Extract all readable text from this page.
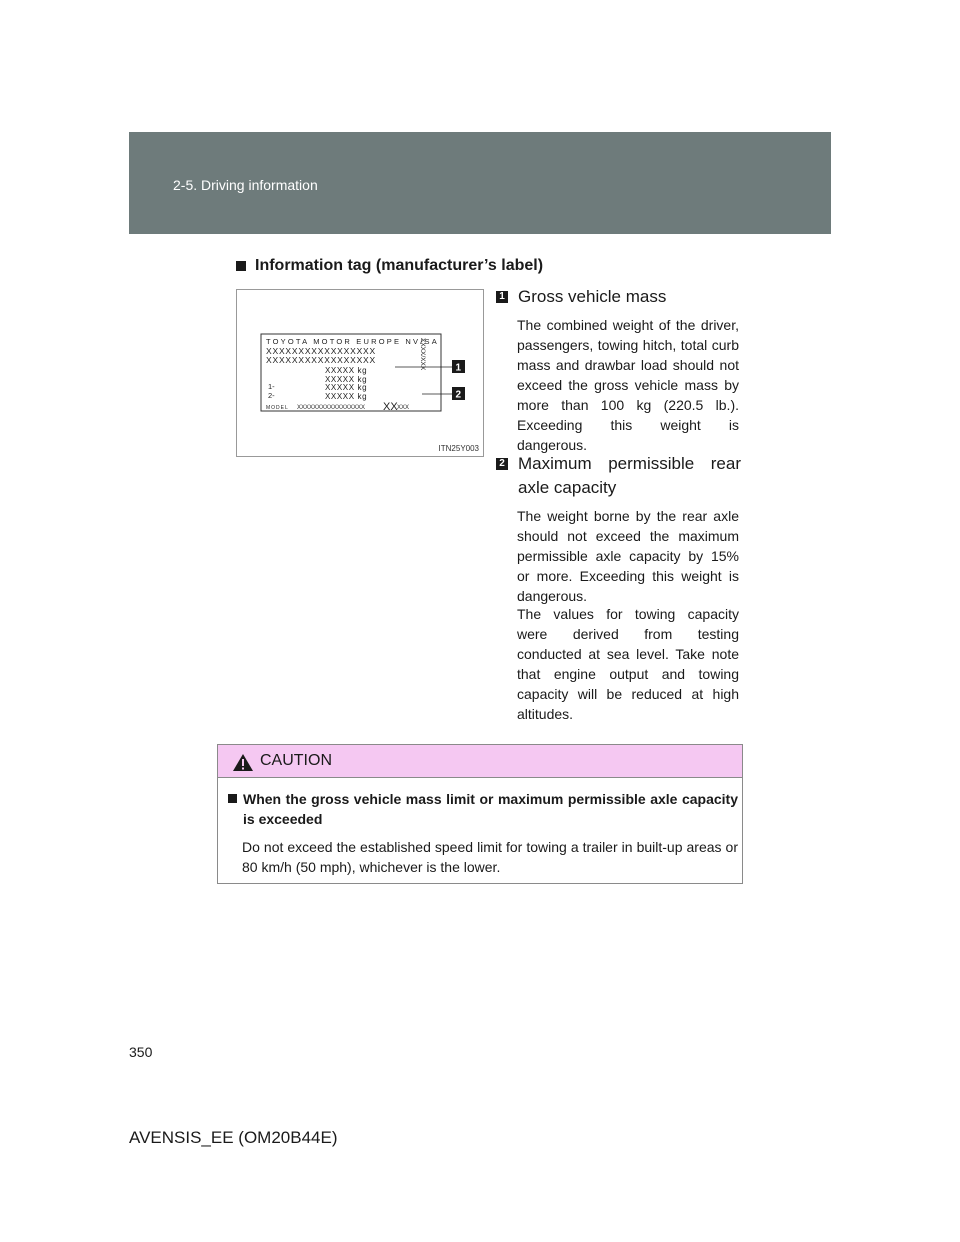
2-5. Driving information
Information tag (manufacturer’s label)
TOYOTA MOTOR EUROPE NV/SA
XXXXXXXXXXXXXXXXX
XXXXXXXXXXXXXXXXX
XXXXX kg
XXXXX kg
1-	XXXXX kg
2-	XXXXX kg
MODEL XXXXXXXXXXXXXXXXX XX XXX
XXXX/XXX	1
2
ITN25Y003
1 Gross vehicle mass
The combined weight of the driver, passengers, towing hitch, total curb mass and drawbar load should not exceed the gross vehicle mass by more than 100 kg (220.5 lb.). Exceeding this weight is dangerous.
2 Maximum permissible rear
axle capacity
The weight borne by the rear axle should not exceed the maximum permissible axle capacity by 15% or more. Exceeding this weight is dangerous.
The values for towing capacity were derived from testing conducted at sea level. Take note that engine output and towing capacity will be reduced at high altitudes.
CAUTION
When the gross vehicle mass limit or maximum permissible axle capacity is exceeded
Do not exceed the established speed limit for towing a trailer in built-up areas or 80 km/h (50 mph), whichever is the lower.
350
AVENSIS_EE (OM20B44E)
